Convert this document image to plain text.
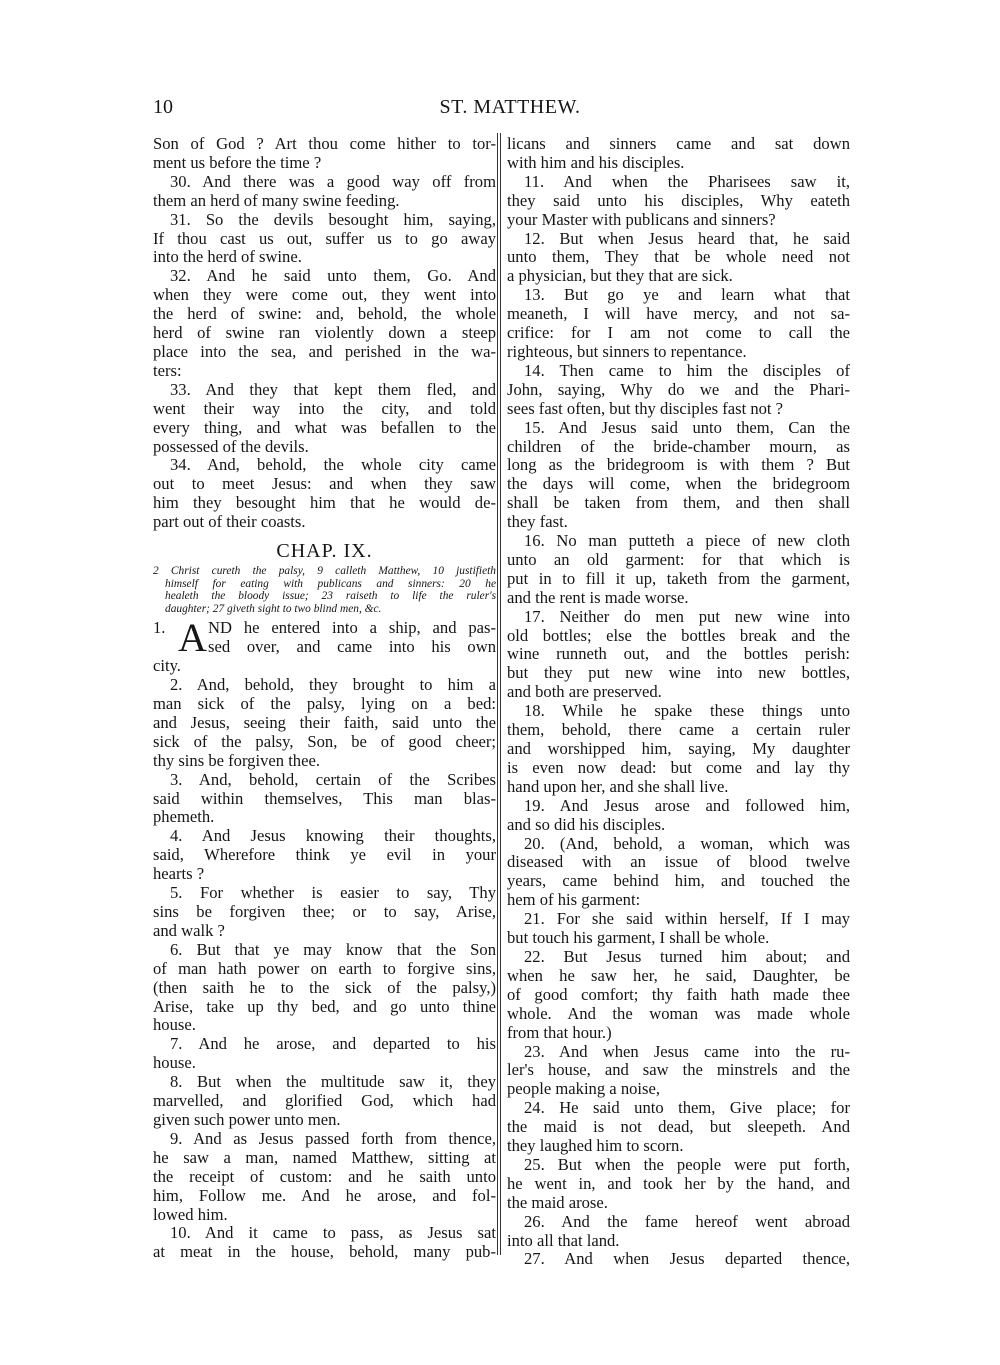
10	ST. MATTHEW.
Son of God ? Art thou come hither to tor-
ment us before the time ?
30. And there was a good way off from
them an herd of many swine feeding.
31. So the devils besought him, saying,
If thou cast us out, suffer us to go away
into the herd of swine.
32. And he said unto them, Go. And
when they were come out, they went into
the herd of swine: and, behold, the whole
herd of swine ran violently down a steep
place into the sea, and perished in the wa-
ters:
33. And they that kept them fled, and
went their way into the city, and told
every thing, and what was befallen to the
possessed of the devils.
34. And, behold, the whole city came
out to meet Jesus: and when they saw
him they besought him that he would de-
part out of their coasts.
CHAP. IX.
2 Christ cureth the palsy, 9 calleth Matthew, 10 justifieth
himself for eating with publicans and sinners: 20 he
healeth the bloody issue; 23 raiseth to life the ruler's
daughter; 27 giveth sight to two blind men, &c.
1. A ND he entered into a ship, and pas-
sed over, and came into his own
city.
2. And, behold, they brought to him a
man sick of the palsy, lying on a bed:
and Jesus, seeing their faith, said unto the
sick of the palsy, Son, be of good cheer;
thy sins be forgiven thee.
3. And, behold, certain of the Scribes
said within themselves, This man blas-
phemeth.
4. And Jesus knowing their thoughts,
said, Wherefore think ye evil in your
hearts ?
5. For whether is easier to say, Thy
sins be forgiven thee; or to say, Arise,
and walk ?
6. But that ye may know that the Son
of man hath power on earth to forgive sins,
(then saith he to the sick of the palsy,)
Arise, take up thy bed, and go unto thine
house.
7. And he arose, and departed to his
house.
8. But when the multitude saw it, they
marvelled, and glorified God, which had
given such power unto men.
9. And as Jesus passed forth from thence,
he saw a man, named Matthew, sitting at
the receipt of custom: and he saith unto
him, Follow me. And he arose, and fol-
lowed him.
10. And it came to pass, as Jesus sat
at meat in the house, behold, many pub-
licans and sinners came and sat down
with him and his disciples.
11. And when the Pharisees saw it,
they said unto his disciples, Why eateth
your Master with publicans and sinners?
12. But when Jesus heard that, he said
unto them, They that be whole need not
a physician, but they that are sick.
13. But go ye and learn what that
meaneth, I will have mercy, and not sa-
crifice: for I am not come to call the
righteous, but sinners to repentance.
14. Then came to him the disciples of
John, saying, Why do we and the Phari-
sees fast often, but thy disciples fast not ?
15. And Jesus said unto them, Can the
children of the bride-chamber mourn, as
long as the bridegroom is with them ? But
the days will come, when the bridegroom
shall be taken from them, and then shall
they fast.
16. No man putteth a piece of new cloth
unto an old garment: for that which is
put in to fill it up, taketh from the garment,
and the rent is made worse.
17. Neither do men put new wine into
old bottles; else the bottles break and the
wine runneth out, and the bottles perish:
but they put new wine into new bottles,
and both are preserved.
18. While he spake these things unto
them, behold, there came a certain ruler
and worshipped him, saying, My daughter
is even now dead: but come and lay thy
hand upon her, and she shall live.
19. And Jesus arose and followed him,
and so did his disciples.
20. (And, behold, a woman, which was
diseased with an issue of blood twelve
years, came behind him, and touched the
hem of his garment:
21. For she said within herself, If I may
but touch his garment, I shall be whole.
22. But Jesus turned him about; and
when he saw her, he said, Daughter, be
of good comfort; thy faith hath made thee
whole. And the woman was made whole
from that hour.)
23. And when Jesus came into the ru-
ler's house, and saw the minstrels and the
people making a noise,
24. He said unto them, Give place; for
the maid is not dead, but sleepeth. And
they laughed him to scorn.
25. But when the people were put forth,
he went in, and took her by the hand, and
the maid arose.
26. And the fame hereof went abroad
into all that land.
27. And when Jesus departed thence,
